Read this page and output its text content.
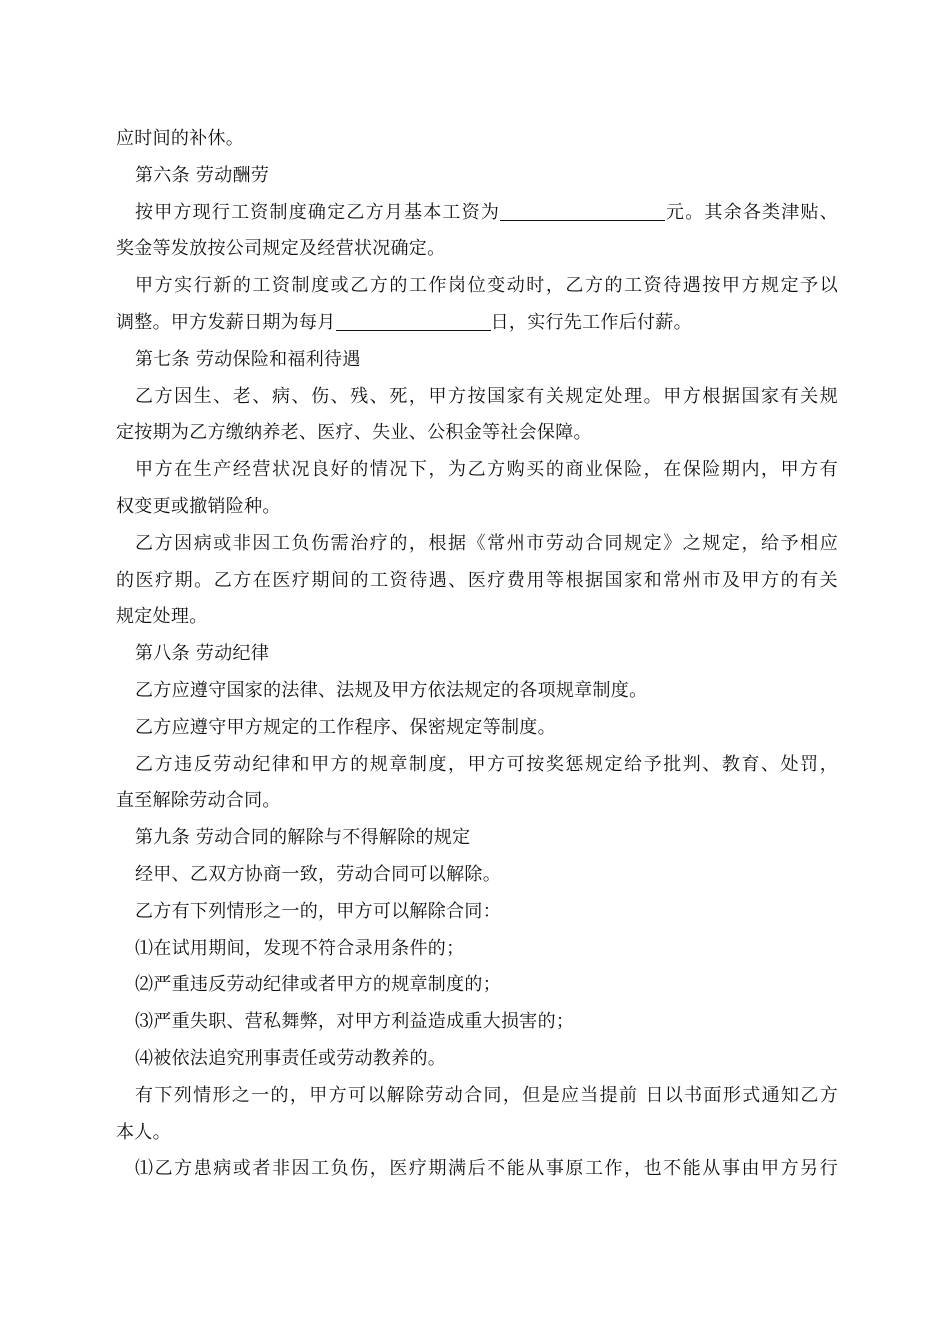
应时间的补休。
第六条 劳动酬劳
按甲方现行工资制度确定乙方月基本工资为	元。其余各类津贴、
奖金等发放按公司规定及经营状况确定。
甲方实行新的工资制度或乙方的工作岗位变动时，乙方的工资待遇按甲方规定予以
调整。甲方发薪日期为每月	日，实行先工作后付薪。
第七条 劳动保险和福利待遇
乙方因生、老、病、伤、残、死，甲方按国家有关规定处理。甲方根据国家有关规
定按期为乙方缴纳养老、医疗、失业、公积金等社会保障。
甲方在生产经营状况良好的情况下，为乙方购买的商业保险，在保险期内，甲方有
权变更或撤销险种。
乙方因病或非因工负伤需治疗的，根据《常州市劳动合同规定》之规定，给予相应
的医疗期。乙方在医疗期间的工资待遇、医疗费用等根据国家和常州市及甲方的有关
规定处理。
第八条 劳动纪律
乙方应遵守国家的法律、法规及甲方依法规定的各项规章制度。
乙方应遵守甲方规定的工作程序、保密规定等制度。
乙方违反劳动纪律和甲方的规章制度，甲方可按奖惩规定给予批判、教育、处罚，
直至解除劳动合同。
第九条 劳动合同的解除与不得解除的规定
经甲、乙双方协商一致，劳动合同可以解除。
乙方有下列情形之一的，甲方可以解除合同：
⑴在试用期间，发现不符合录用条件的；
⑵严重违反劳动纪律或者甲方的规章制度的；
⑶严重失职、营私舞弊，对甲方利益造成重大损害的；
⑷被依法追究刑事责任或劳动教养的。
有下列情形之一的，甲方可以解除劳动合同，但是应当提前 日以书面形式通知乙方
本人。
⑴乙方患病或者非因工负伤，医疗期满后不能从事原工作，也不能从事由甲方另行
